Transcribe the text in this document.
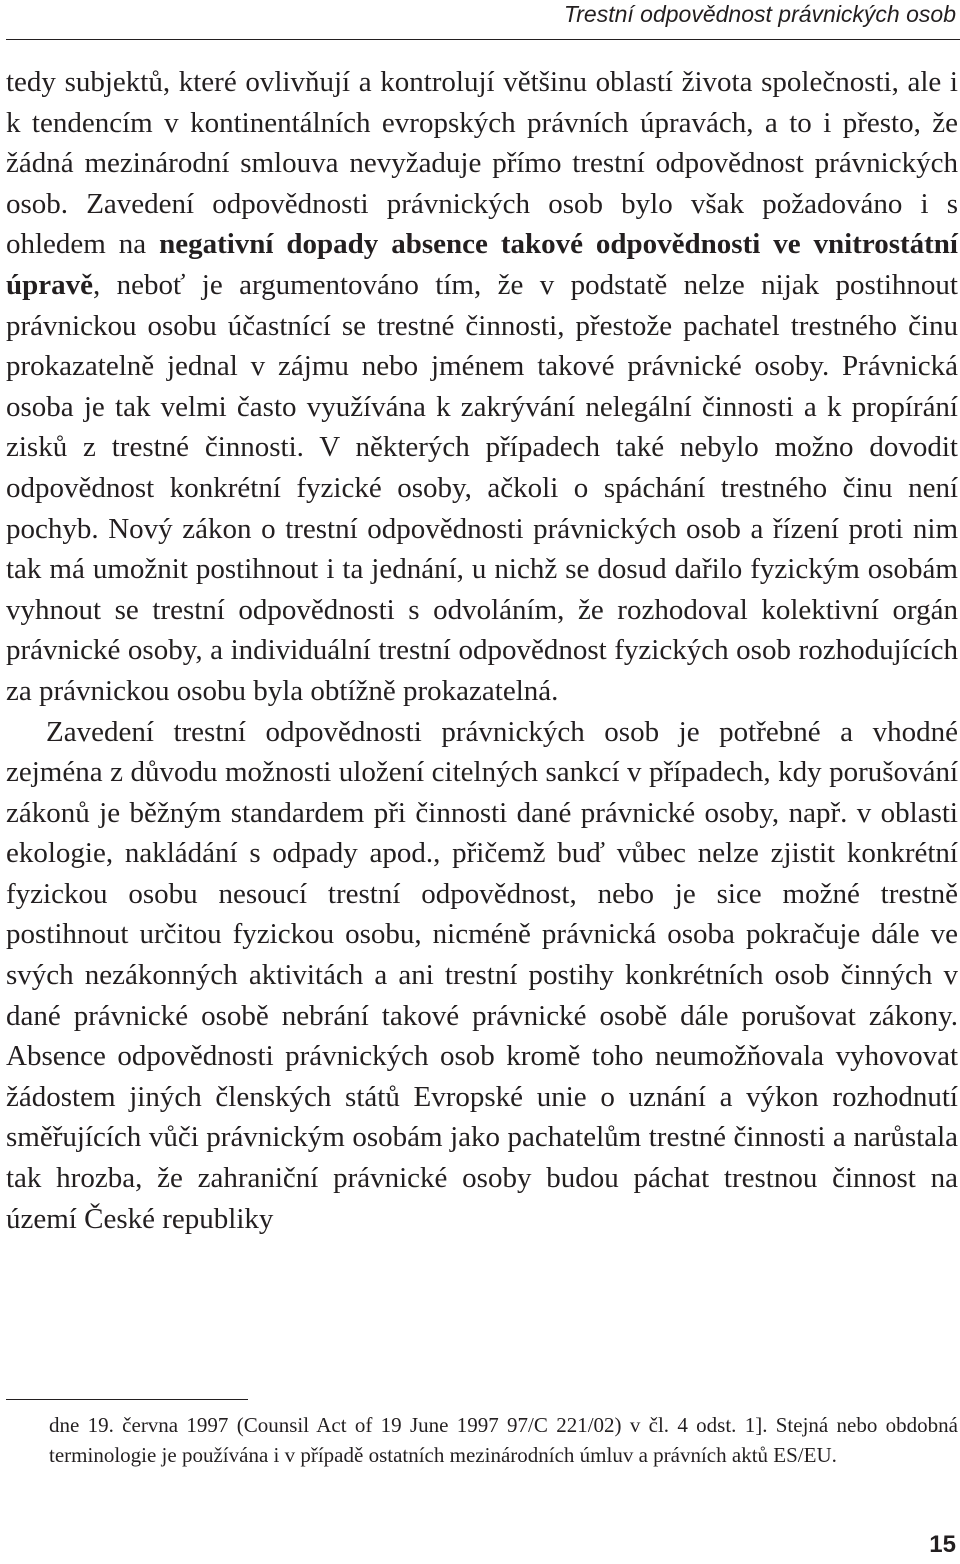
Trestní odpovědnost právnických osob

tedy subjektů, které ovlivňují a kontrolují většinu oblastí života společnosti, ale i k tendencím v kontinentálních evropských právních úpravách, a to i přesto, že žádná mezinárodní smlouva nevyžaduje přímo trestní odpovědnost právnických osob. Zavedení odpovědnosti právnických osob bylo však požadováno i s ohledem na negativní dopady absence takové odpovědnosti ve vnitrostátní úpravě, neboť je argumentováno tím, že v podstatě nelze nijak postihnout právnickou osobu účastnící se trestné činnosti, přestože pachatel trestného činu prokazatelně jednal v zájmu nebo jménem takové právnické osoby. Právnická osoba je tak velmi často využívána k zakrývání nelegální činnosti a k propírání zisků z trestné činnosti. V některých případech také nebylo možno dovodit odpovědnost konkrétní fyzické osoby, ačkoli o spáchání trestného činu není pochyb. Nový zákon o trestní odpovědnosti právnických osob a řízení proti nim tak má umožnit postihnout i ta jednání, u nichž se dosud dařilo fyzickým osobám vyhnout se trestní odpovědnosti s odvoláním, že rozhodoval kolektivní orgán právnické osoby, a individuální trestní odpovědnost fyzických osob rozhodujících za právnickou osobu byla obtížně prokazatelná.

Zavedení trestní odpovědnosti právnických osob je potřebné a vhodné zejména z důvodu možnosti uložení citelných sankcí v případech, kdy porušování zákonů je běžným standardem při činnosti dané právnické osoby, např. v oblasti ekologie, nakládání s odpady apod., přičemž buď vůbec nelze zjistit konkrétní fyzickou osobu nesoucí trestní odpovědnost, nebo je sice možné trestně postihnout určitou fyzickou osobu, nicméně právnická osoba pokračuje dále ve svých nezákonných aktivitách a ani trestní postihy konkrétních osob činných v dané právnické osobě nebrání takové právnické osobě dále porušovat zákony. Absence odpovědnosti právnických osob kromě toho neumožňovala vyhovovat žádostem jiných členských států Evropské unie o uznání a výkon rozhodnutí směřujících vůči právnickým osobám jako pachatelům trestné činnosti a narůstala tak hrozba, že zahraniční právnické osoby budou páchat trestnou činnost na území České republiky

dne 19. června 1997 (Counsil Act of 19 June 1997 97/C 221/02) v čl. 4 odst. 1]. Stejná nebo obdobná terminologie je používána i v případě ostatních mezinárodních úmluv a právních aktů ES/EU.
15
